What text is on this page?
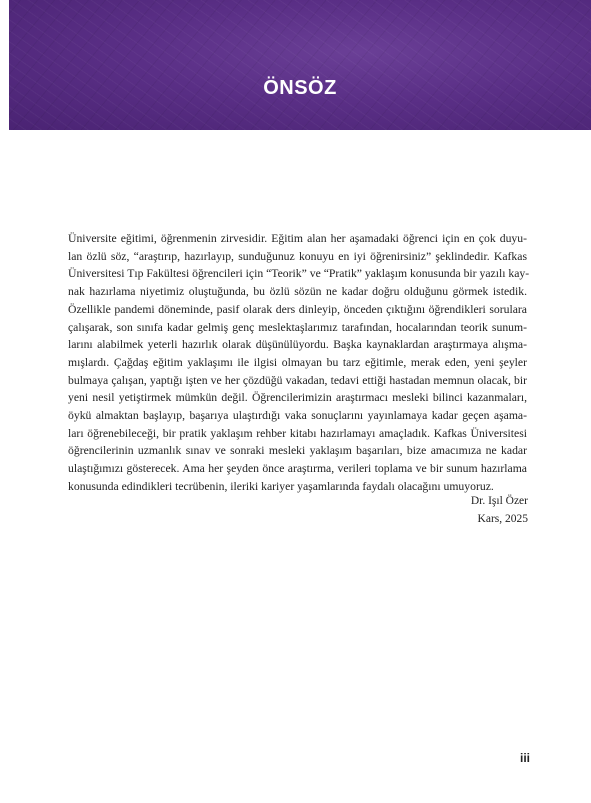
ÖNSÖZ

Üniversite eğitimi, öğrenmenin zirvesidir. Eğitim alan her aşamadaki öğrenci için en çok duyu-
lan özlü söz, “araştırıp, hazırlayıp, sunduğunuz konuyu en iyi öğrenirsiniz” şeklindedir. Kafkas
Üniversitesi Tıp Fakültesi öğrencileri için “Teorik” ve “Pratik” yaklaşım konusunda bir yazılı kay-
nak hazırlama niyetimiz oluştuğunda, bu özlü sözün ne kadar doğru olduğunu görmek istedik.
Özellikle pandemi döneminde, pasif olarak ders dinleyip, önceden çıktığını öğrendikleri sorulara
çalışarak, son sınıfa kadar gelmiş genç meslektaşlarımız tarafından, hocalarından teorik sunum-
larını alabilmek yeterli hazırlık olarak düşünülüyordu. Başka kaynaklardan araştırmaya alışma-
mışlardı. Çağdaş eğitim yaklaşımı ile ilgisi olmayan bu tarz eğitimle, merak eden, yeni şeyler
bulmaya çalışan, yaptığı işten ve her çözdüğü vakadan, tedavi ettiği hastadan memnun olacak, bir
yeni nesil yetiştirmek mümkün değil. Öğrencilerimizin araştırmacı mesleki bilinci kazanmaları,
öykü almaktan başlayıp, başarıya ulaştırdığı vaka sonuçlarını yayınlamaya kadar geçen aşama-
ları öğrenebileceği, bir pratik yaklaşım rehber kitabı hazırlamayı amaçladık. Kafkas Üniversitesi
öğrencilerinin uzmanlık sınav ve sonraki mesleki yaklaşım başarıları, bize amacımıza ne kadar
ulaştığımızı gösterecek. Ama her şeyden önce araştırma, verileri toplama ve bir sunum hazırlama
konusunda edindikleri tecrübenin, ileriki kariyer yaşamlarında faydalı olacağını umuyoruz.

Dr. Işıl Özer
Kars, 2025
iii
